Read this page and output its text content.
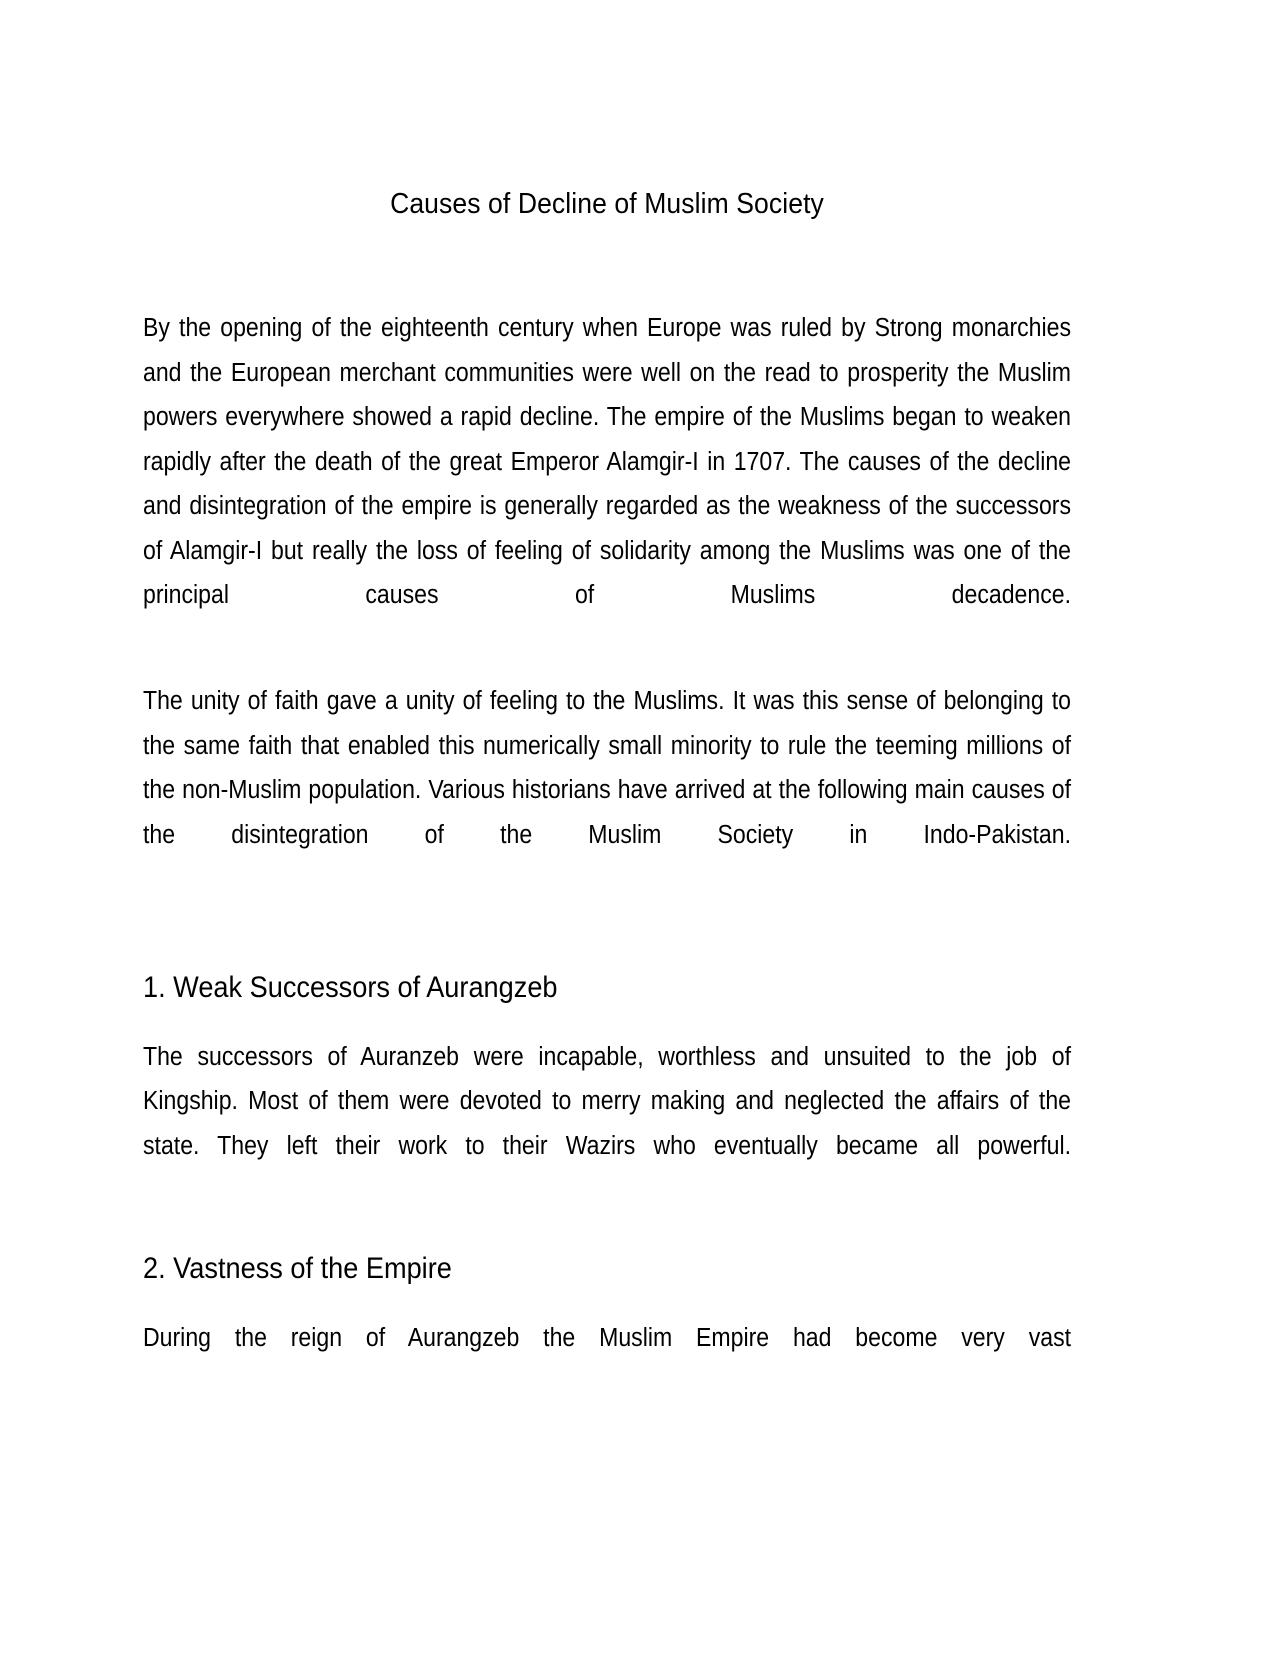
Causes of Decline of Muslim Society

By the opening of the eighteenth century when Europe was ruled by Strong monarchies and the European merchant communities were well on the read to prosperity the Muslim powers everywhere showed a rapid decline. The empire of the Muslims began to weaken rapidly after the death of the great Emperor Alamgir-I in 1707. The causes of the decline and disintegration of the empire is generally regarded as the weakness of the successors of Alamgir-I but really the loss of feeling of solidarity among the Muslims was one of the principal causes of Muslims decadence.

The unity of faith gave a unity of feeling to the Muslims. It was this sense of belonging to the same faith that enabled this numerically small minority to rule the teeming millions of the non-Muslim population. Various historians have arrived at the following main causes of the disintegration of the Muslim Society in Indo-Pakistan.

1. Weak Successors of Aurangzeb

The successors of Auranzeb were incapable, worthless and unsuited to the job of Kingship. Most of them were devoted to merry making and neglected the affairs of the state. They left their work to their Wazirs who eventually became all powerful.

2. Vastness of the Empire

During the reign of Aurangzeb the Muslim Empire had become very vast
